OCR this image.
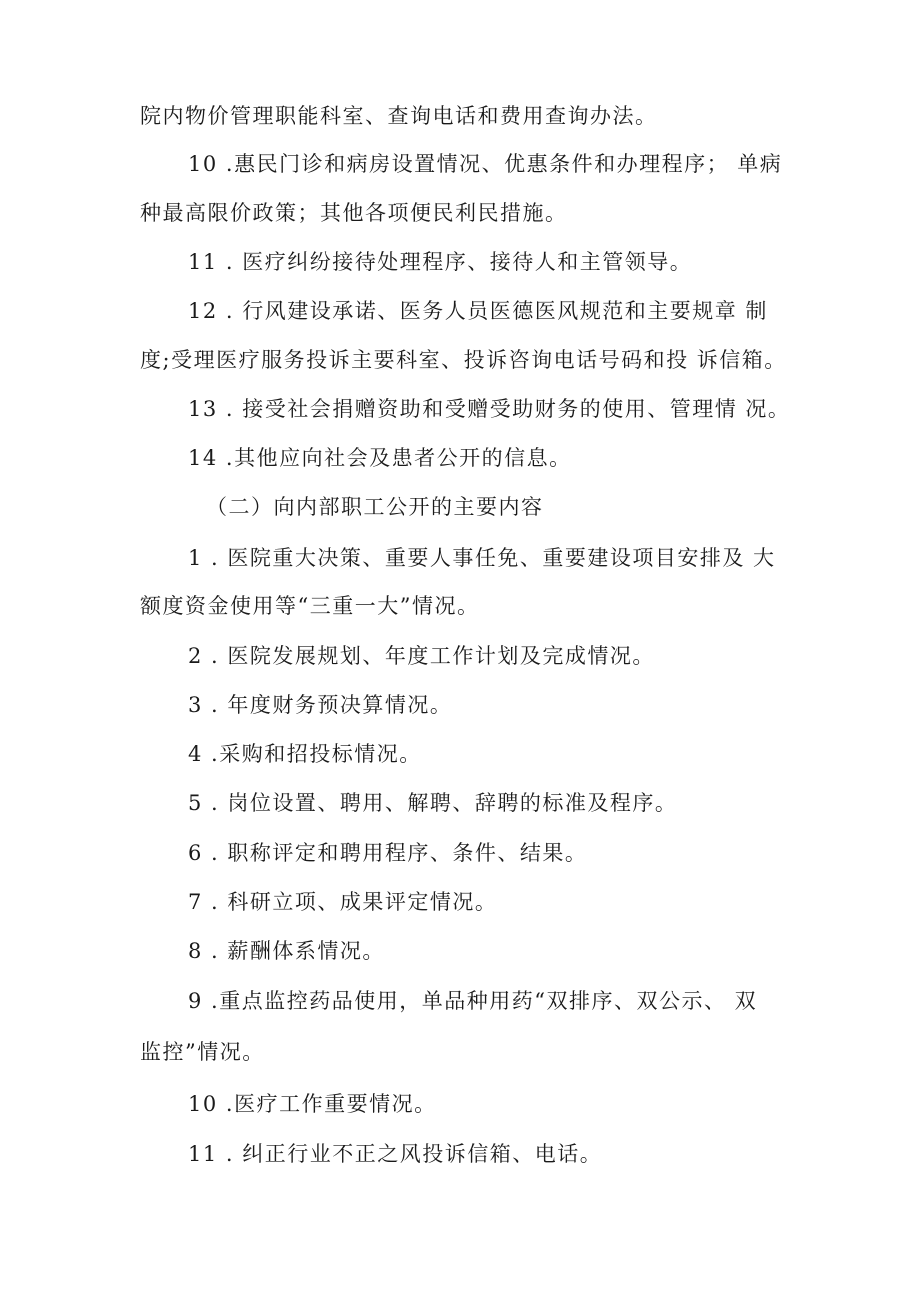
院内物价管理职能科室、查询电话和费用查询办法。
10 .惠民门诊和病房设置情况、优惠条件和办理程序； 单病
种最高限价政策；其他各项便民利民措施。
11 . 医疗纠纷接待处理程序、接待人和主管领导。
12 . 行风建设承诺、医务人员医德医风规范和主要规章 制
度;受理医疗服务投诉主要科室、投诉咨询电话号码和投 诉信箱。
13 . 接受社会捐赠资助和受赠受助财务的使用、管理情 况。
14 .其他应向社会及患者公开的信息。
（二）向内部职工公开的主要内容
1 . 医院重大决策、重要人事任免、重要建设项目安排及 大
额度资金使用等“三重一大”情况。
2 . 医院发展规划、年度工作计划及完成情况。
3 . 年度财务预决算情况。
4 .采购和招投标情况。
5 . 岗位设置、聘用、解聘、辞聘的标准及程序。
6 . 职称评定和聘用程序、条件、结果。
7 . 科研立项、成果评定情况。
8 . 薪酬体系情况。
9 .重点监控药品使用，单品种用药“双排序、双公示、 双
监控”情况。
10 .医疗工作重要情况。
11 . 纠正行业不正之风投诉信箱、电话。
